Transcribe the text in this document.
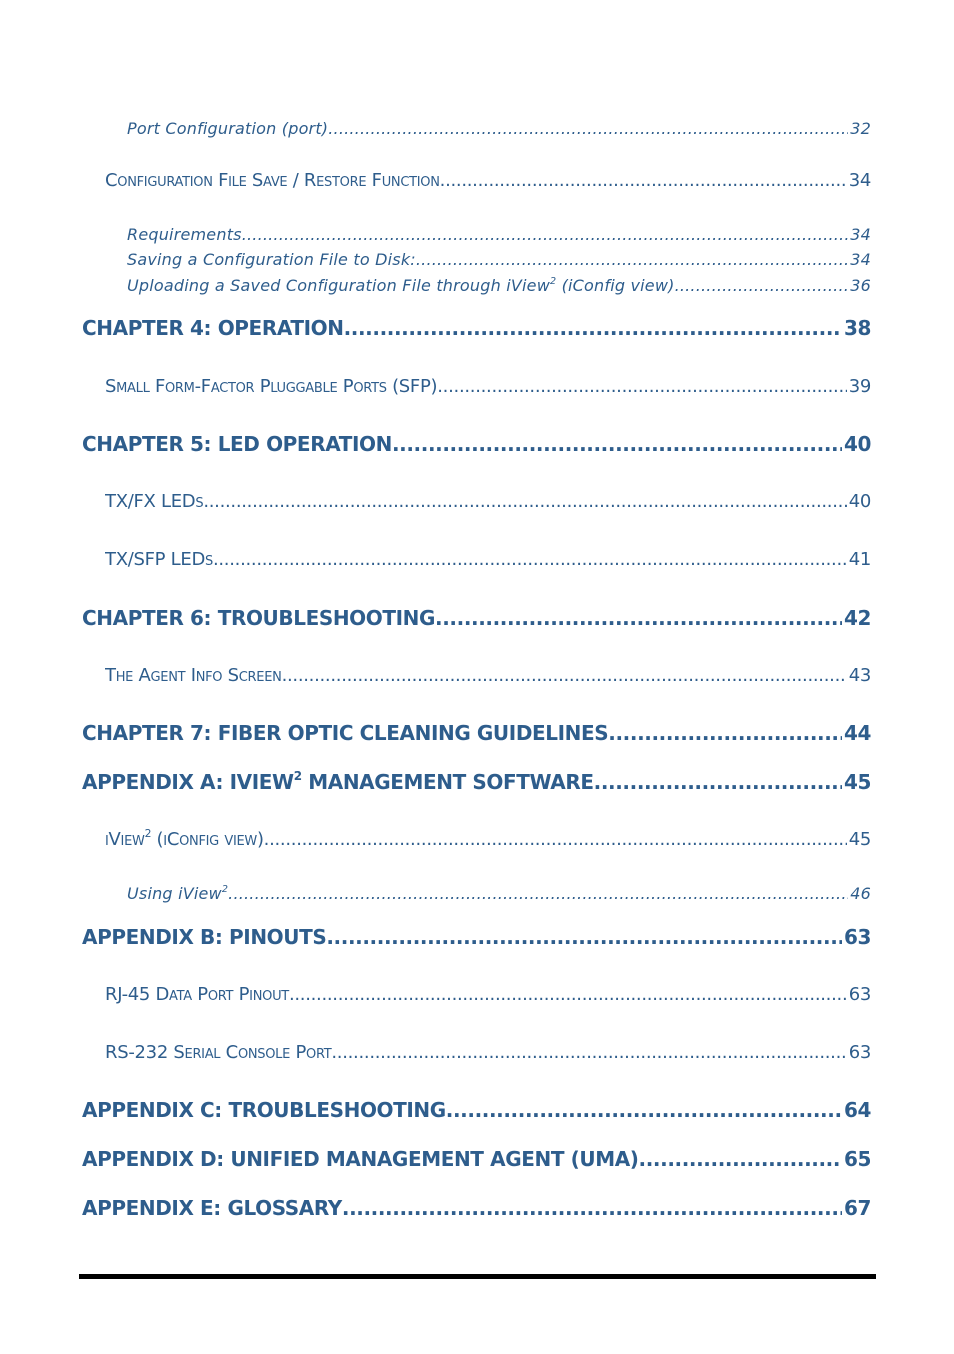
Port Configuration (port) .....	32
Configuration File Save / Restore Function .....	34
Requirements .....	34
Saving a Configuration File to Disk: .....	34
Uploading a Saved Configuration File through iView$^2$ (iConfig view) .....	36
CHAPTER 4: OPERATION .....	38
Small Form-Factor Pluggable Ports (SFP) .....	39
CHAPTER 5: LED OPERATION .....	40
TX/FX LEDs .....	40
TX/SFP LEDs .....	41
CHAPTER 6: TROUBLESHOOTING .....	42
The Agent Info Screen .....	43
CHAPTER 7: FIBER OPTIC CLEANING GUIDELINES .....	44
APPENDIX A: IVIEW$^2$ MANAGEMENT SOFTWARE .....	45
iView$^2$ (iConfig view) .....	45
Using iView$^2$ .....	46
APPENDIX B: PINOUTS .....	63
RJ-45 Data Port Pinout .....	63
RS-232 Serial Console Port .....	63
APPENDIX C: TROUBLESHOOTING .....	64
APPENDIX D: UNIFIED MANAGEMENT AGENT (UMA) .....	65
APPENDIX E: GLOSSARY .....	67
